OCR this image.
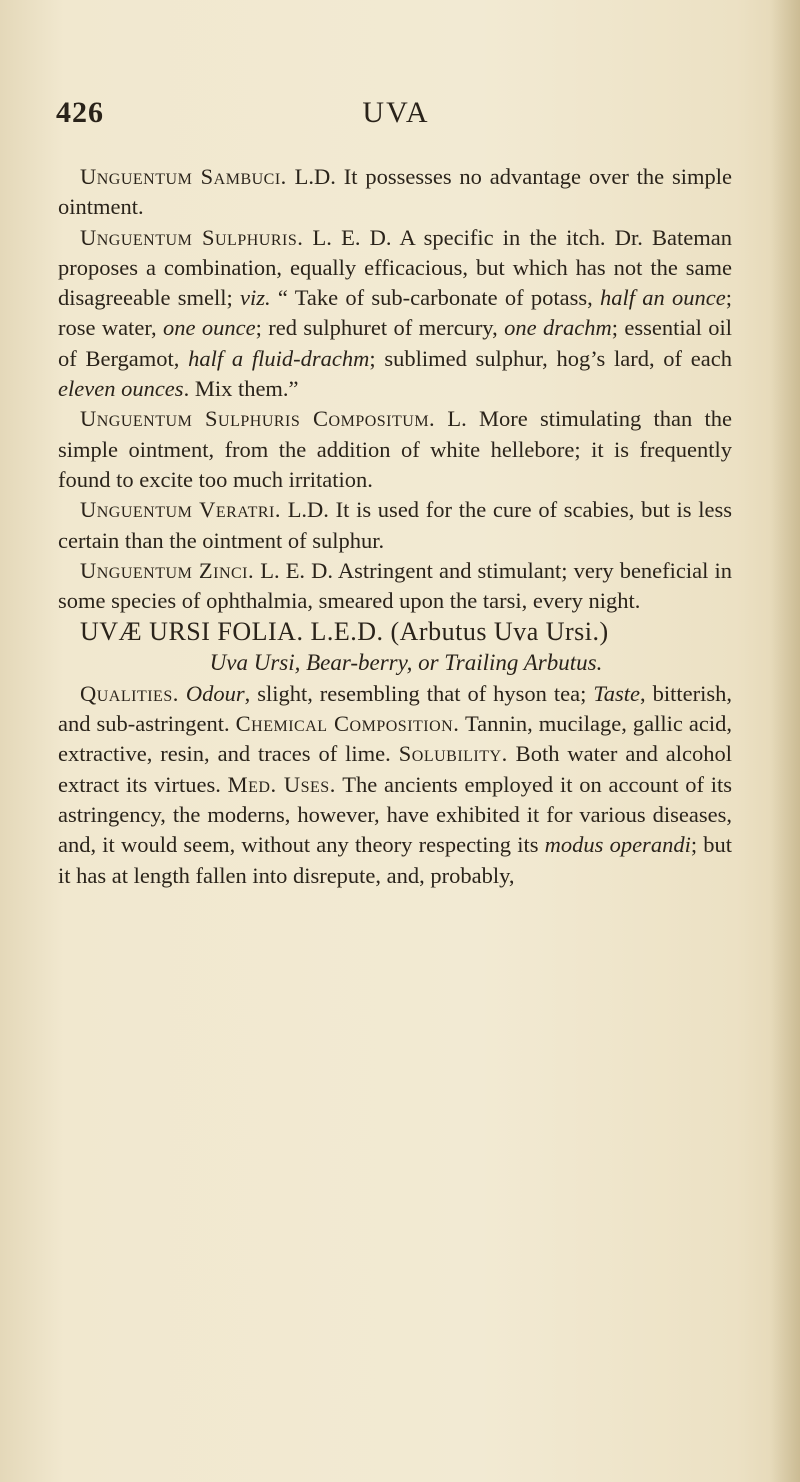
426	UVA

Unguentum Sambuci. L.D. It possesses no advantage over the simple ointment.

Unguentum Sulphuris. L. E. D. A specific in the itch. Dr. Bateman proposes a combination, equally efficacious, but which has not the same disagreeable smell; viz. “ Take of sub-carbonate of potass, half an ounce; rose water, one ounce; red sulphuret of mercury, one drachm; essential oil of Bergamot, half a fluid-drachm; sublimed sulphur, hog’s lard, of each eleven ounces. Mix them.”

Unguentum Sulphuris Compositum. L. More stimulating than the simple ointment, from the addition of white hellebore; it is frequently found to excite too much irritation.

Unguentum Veratri. L.D. It is used for the cure of scabies, but is less certain than the ointment of sulphur.

Unguentum Zinci. L. E. D. Astringent and stimulant; very beneficial in some species of ophthalmia, smeared upon the tarsi, every night.

UVÆ URSI FOLIA. L.E.D. (Arbutus Uva Ursi.)

Uva Ursi, Bear-berry, or Trailing Arbutus.

Qualities. Odour, slight, resembling that of hyson tea; Taste, bitterish, and sub-astringent. Chemical Composition. Tannin, mucilage, gallic acid, extractive, resin, and traces of lime. Solubility. Both water and alcohol extract its virtues. Med. Uses. The ancients employed it on account of its astringency, the moderns, however, have exhibited it for various diseases, and, it would seem, without any theory respecting its modus operandi; but it has at length fallen into disrepute, and, probably,
